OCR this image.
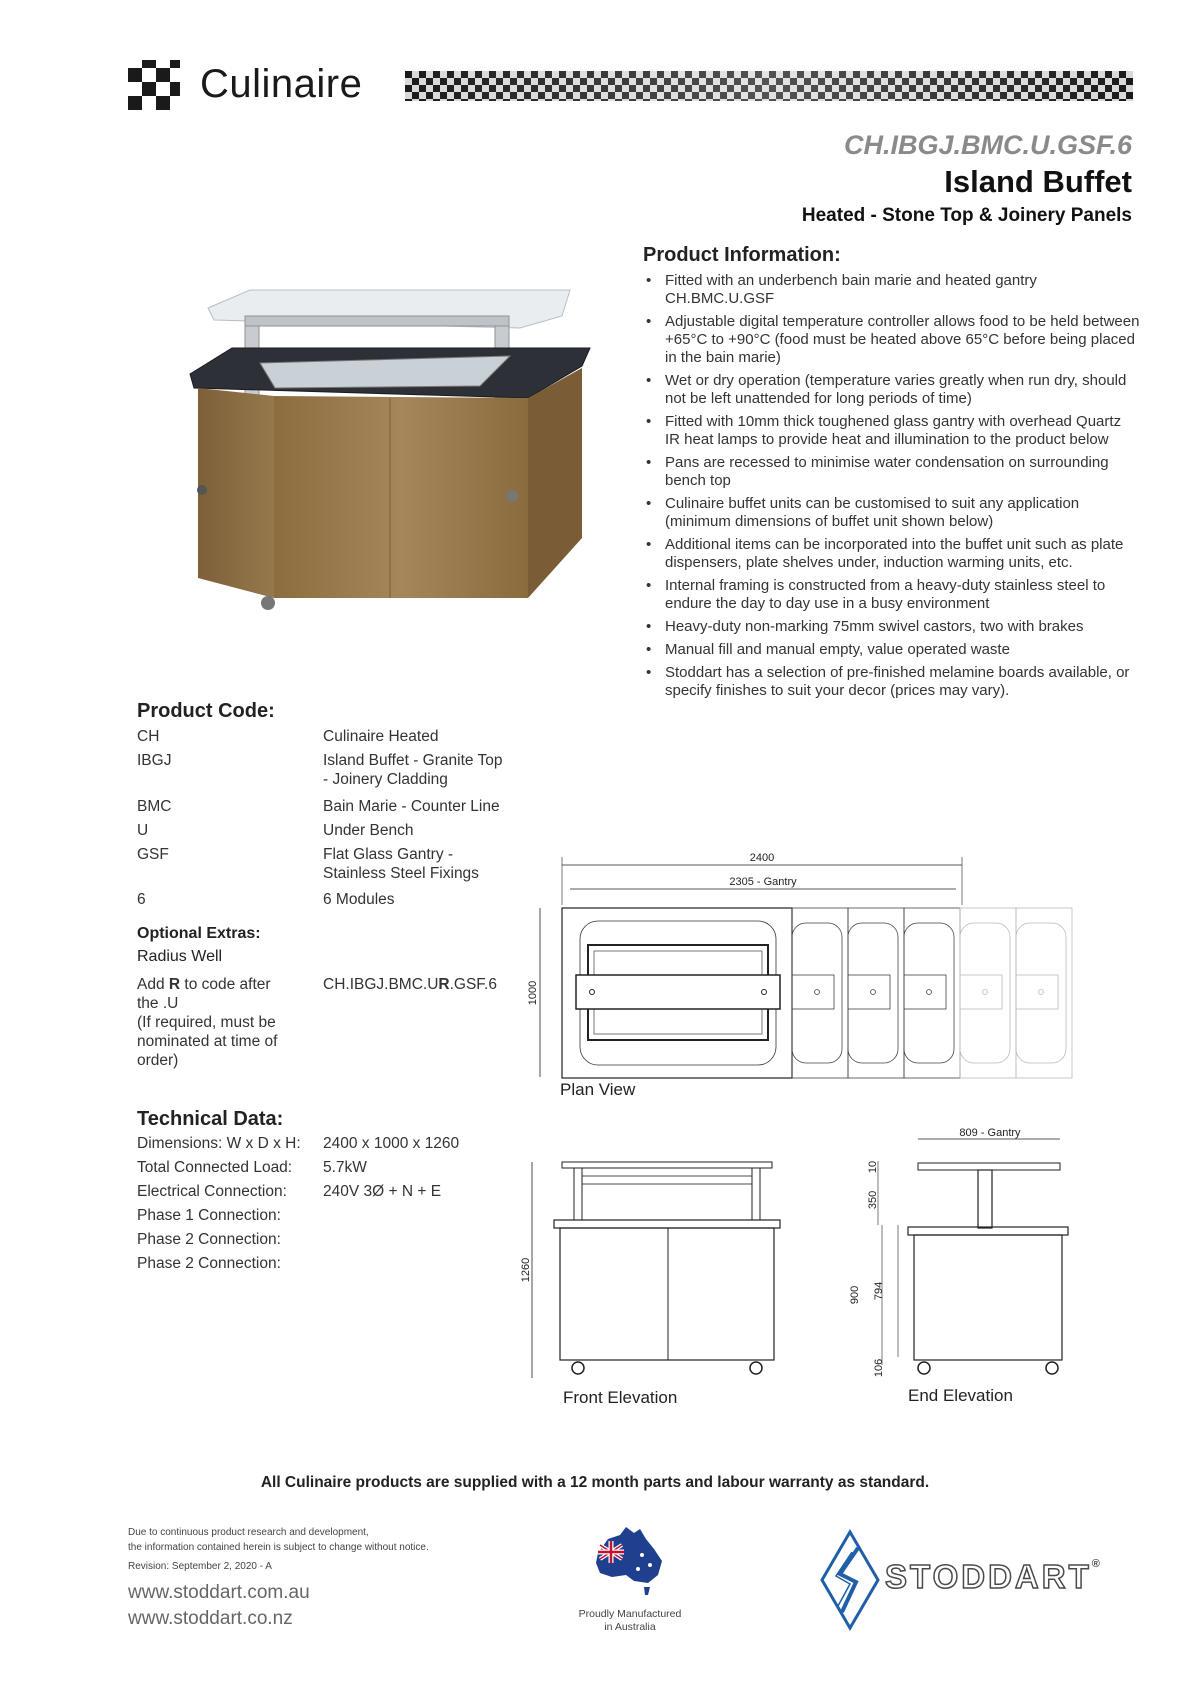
Culinaire
CH.IBGJ.BMC.U.GSF.6
Island Buffet
Heated - Stone Top & Joinery Panels
Product Information:
• Fitted with an underbench bain marie and heated gantry CH.BMC.U.GSF
• Adjustable digital temperature controller allows food to be held between +65°C to +90°C (food must be heated above 65°C before being placed in the bain marie)
• Wet or dry operation (temperature varies greatly when run dry, should not be left unattended for long periods of time)
• Fitted with 10mm thick toughened glass gantry with overhead Quartz IR heat lamps to provide heat and illumination to the product below
• Pans are recessed to minimise water condensation on surrounding bench top
• Culinaire buffet units can be customised to suit any application (minimum dimensions of buffet unit shown below)
• Additional items can be incorporated into the buffet unit such as plate dispensers, plate shelves under, induction warming units, etc.
• Internal framing is constructed from a heavy-duty stainless steel to endure the day to day use in a busy environment
• Heavy-duty non-marking 75mm swivel castors, two with brakes
• Manual fill and manual empty, value operated waste
• Stoddart has a selection of pre-finished melamine boards available, or specify finishes to suit your decor (prices may vary).
Product Code:
CH	Culinaire Heated
IBGJ	Island Buffet - Granite Top
- Joinery Cladding
BMC	Bain Marie - Counter Line
U	Under Bench
GSF	Flat Glass Gantry -
Stainless Steel Fixings
6	6 Modules
Optional Extras:
Radius Well
Add R to code after
the .U
(If required, must be
nominated at time of
order)
CH.IBGJ.BMC.UR.GSF.6
Technical Data:
Dimensions: W x D x H: 2400 x 1000 x 1260
Total Connected Load: 5.7kW
Electrical Connection: 240V 3Ø + N + E
Phase 1 Connection:
Phase 2 Connection:
Phase 2 Connection:
2400
2305 - Gantry
1000
Plan View
1260
Front Elevation
809 - Gantry
10
350
900 794
106
End Elevation
All Culinaire products are supplied with a 12 month parts and labour warranty as standard.
Due to continuous product research and development,
the information contained herein is subject to change without notice.
Revision: September 2, 2020 - A
www.stoddart.com.au
www.stoddart.co.nz	Proudly Manufactured
in Australia
STODDART®
